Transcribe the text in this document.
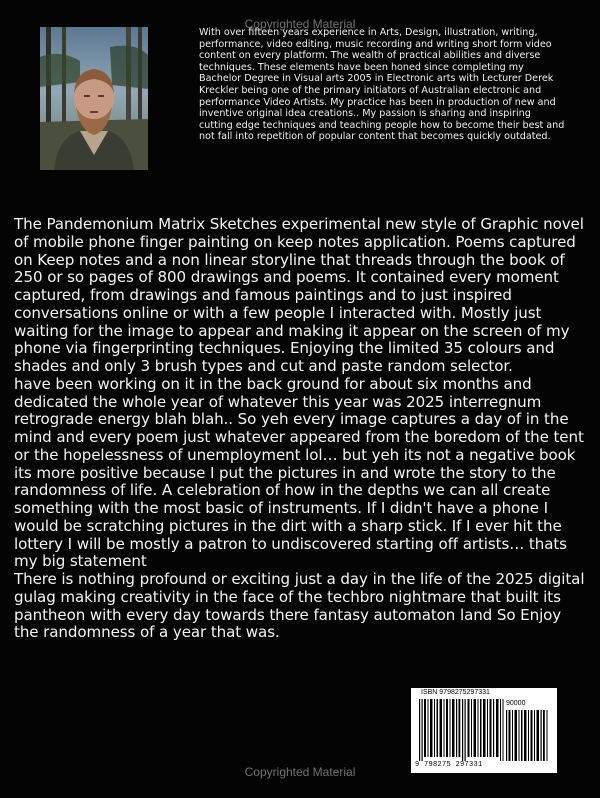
Copyrighted Material

With over fifteen years experience in Arts, Design, illustration, writing, performance, video editing, music recording and writing short form video content on every platform. The wealth of practical abilities and diverse techniques. These elements have been honed since completing my Bachelor Degree in Visual arts 2005 in Electronic arts with Lecturer Derek Kreckler being one of the primary initiators of Australian electronic and performance Video Artists. My practice has been in production of new and inventive original idea creations.. My passion is sharing and inspiring cutting edge techniques and teaching people how to become their best and not fall into repetition of popular content that becomes quickly outdated.

The Pandemonium Matrix Sketches experimental new style of Graphic novel of mobile phone finger painting on keep notes application. Poems captured on Keep notes and a non linear storyline that threads through the book of 250 or so pages of 800 drawings and poems. It contained every moment captured, from drawings and famous paintings and to just inspired conversations online or with a few people I interacted with. Mostly just waiting for the image to appear and making it appear on the screen of my phone via fingerprinting techniques. Enjoying the limited 35 colours and shades and only 3 brush types and cut and paste random selector.

have been working on it in the back ground for about six months and dedicated the whole year of whatever this year was 2025 interregnum retrograde energy blah blah.. So yeh every image captures a day of in the mind and every poem just whatever appeared from the boredom of the tent or the hopelessness of unemployment lol… but yeh its not a negative book its more positive because I put the pictures in and wrote the story to the randomness of life. A celebration of how in the depths we can all create something with the most basic of instruments. If I didn't have a phone I would be scratching pictures in the dirt with a sharp stick. If I ever hit the lottery I will be mostly a patron to undiscovered starting off artists… thats my big statement

There is nothing profound or exciting just a day in the life of the 2025 digital gulag making creativity in the face of the techbro nightmare that built its pantheon with every day towards there fantasy automaton land So Enjoy the randomness of a year that was.

ISBN 9798275297331
90000
9 798275 297331
Copyrighted Material
